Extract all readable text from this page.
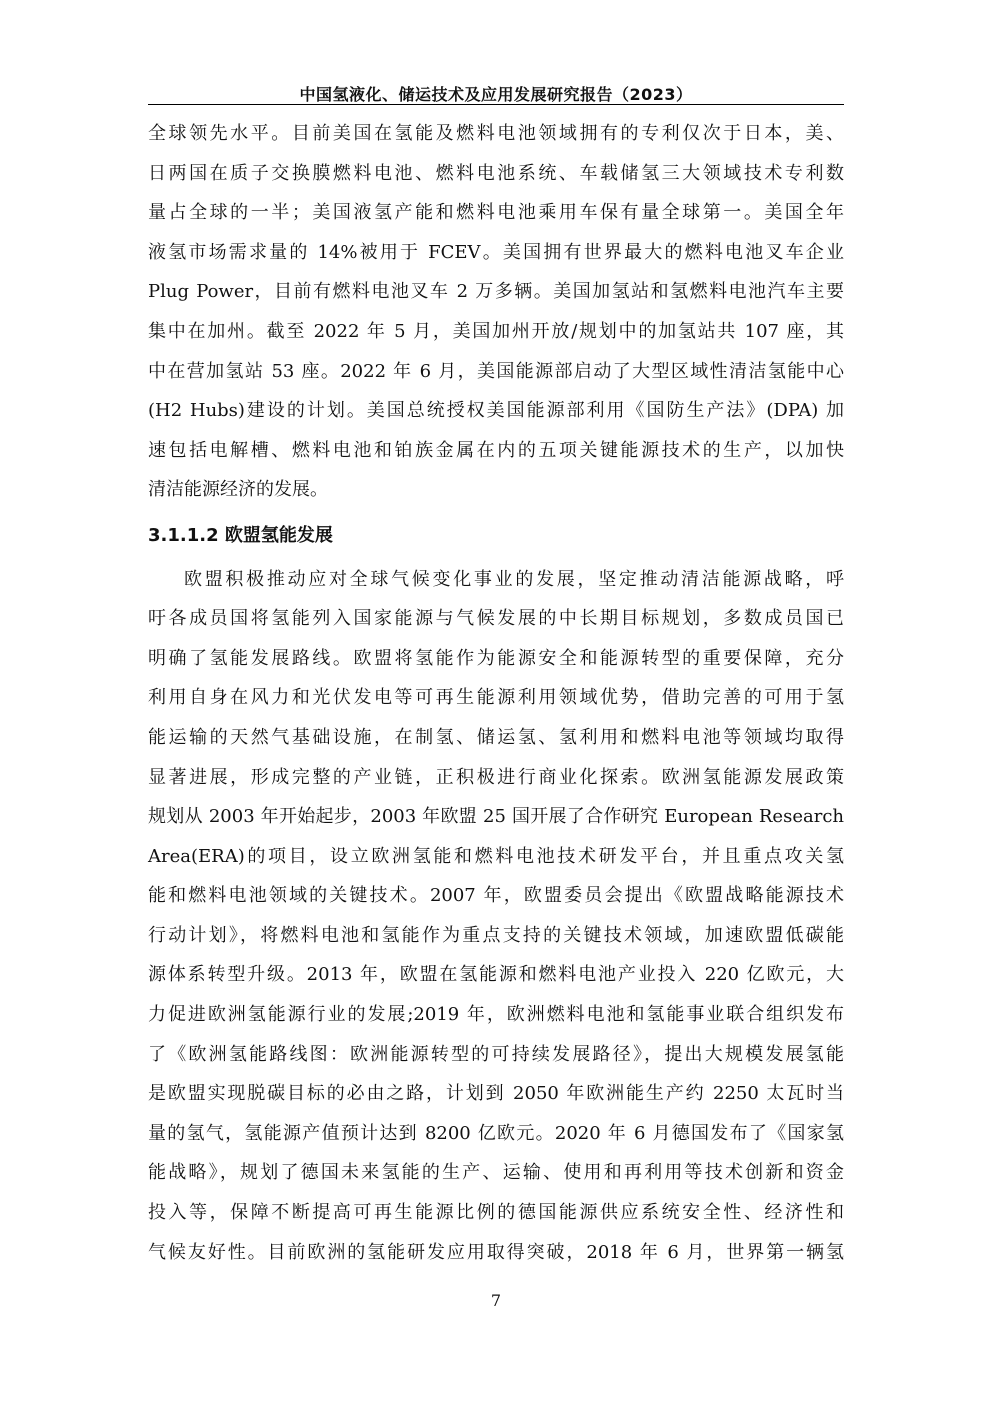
中国氢液化、储运技术及应用发展研究报告（2023）

全球领先水平。目前美国在氢能及燃料电池领域拥有的专利仅次于日本，美、
日两国在质子交换膜燃料电池、燃料电池系统、车载储氢三大领域技术专利数
量占全球的一半；美国液氢产能和燃料电池乘用车保有量全球第一。美国全年
液氢市场需求量的 14%被用于 FCEV。美国拥有世界最大的燃料电池叉车企业
Plug Power，目前有燃料电池叉车 2 万多辆。美国加氢站和氢燃料电池汽车主要
集中在加州。截至 2022 年 5 月，美国加州开放/规划中的加氢站共 107 座，其
中在营加氢站 53 座。2022 年 6 月，美国能源部启动了大型区域性清洁氢能中心
(H2 Hubs)建设的计划。美国总统授权美国能源部利用《国防生产法》(DPA) 加
速包括电解槽、燃料电池和铂族金属在内的五项关键能源技术的生产，以加快
清洁能源经济的发展。

3.1.1.2 欧盟氢能发展

欧盟积极推动应对全球气候变化事业的发展，坚定推动清洁能源战略，呼
吁各成员国将氢能列入国家能源与气候发展的中长期目标规划，多数成员国已
明确了氢能发展路线。欧盟将氢能作为能源安全和能源转型的重要保障，充分
利用自身在风力和光伏发电等可再生能源利用领域优势，借助完善的可用于氢
能运输的天然气基础设施，在制氢、储运氢、氢利用和燃料电池等领域均取得
显著进展，形成完整的产业链，正积极进行商业化探索。欧洲氢能源发展政策
规划从 2003 年开始起步，2003 年欧盟 25 国开展了合作研究 European Research
Area(ERA)的项目，设立欧洲氢能和燃料电池技术研发平台，并且重点攻关氢
能和燃料电池领域的关键技术。2007 年，欧盟委员会提出《欧盟战略能源技术
行动计划》，将燃料电池和氢能作为重点支持的关键技术领域，加速欧盟低碳能
源体系转型升级。2013 年，欧盟在氢能源和燃料电池产业投入 220 亿欧元，大
力促进欧洲氢能源行业的发展;2019 年，欧洲燃料电池和氢能事业联合组织发布
了《欧洲氢能路线图：欧洲能源转型的可持续发展路径》，提出大规模发展氢能
是欧盟实现脱碳目标的必由之路，计划到 2050 年欧洲能生产约 2250 太瓦时当
量的氢气，氢能源产值预计达到 8200 亿欧元。2020 年 6 月德国发布了《国家氢
能战略》，规划了德国未来氢能的生产、运输、使用和再利用等技术创新和资金
投入等，保障不断提高可再生能源比例的德国能源供应系统安全性、经济性和
气候友好性。目前欧洲的氢能研发应用取得突破，2018 年 6 月，世界第一辆氢

7
